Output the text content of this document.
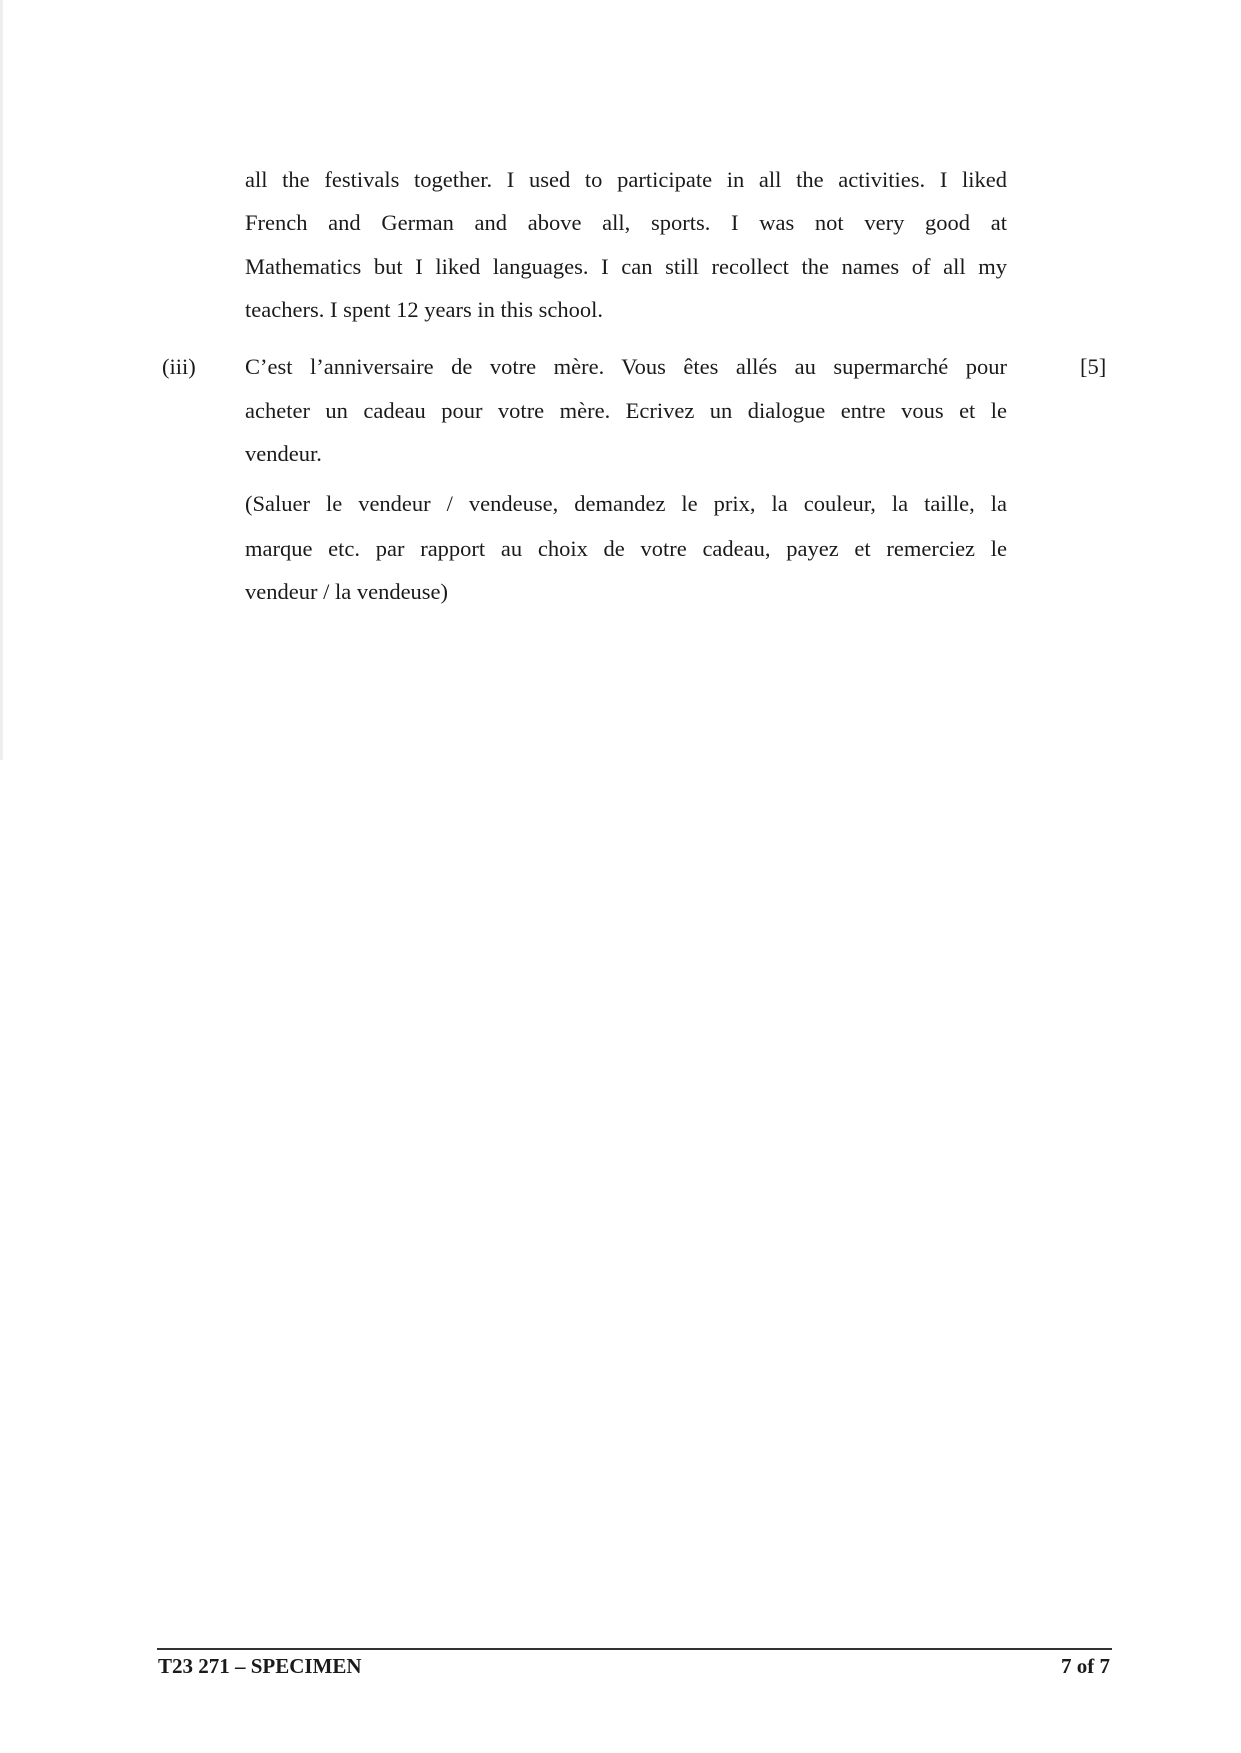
all the festivals together. I used to participate in all the activities. I liked
French and German and above all, sports. I was not very good at
Mathematics but I liked languages. I can still recollect the names of all my
teachers. I spent 12 years in this school.
(iii)	[5]
C’est l’anniversaire de votre mère. Vous êtes allés au supermarché pour
acheter un cadeau pour votre mère. Ecrivez un dialogue entre vous et le
vendeur.
(Saluer le vendeur / vendeuse, demandez le prix, la couleur, la taille, la
marque etc. par rapport au choix de votre cadeau, payez et remerciez le
vendeur / la vendeuse)
T23 271 – SPECIMEN	7 of 7
